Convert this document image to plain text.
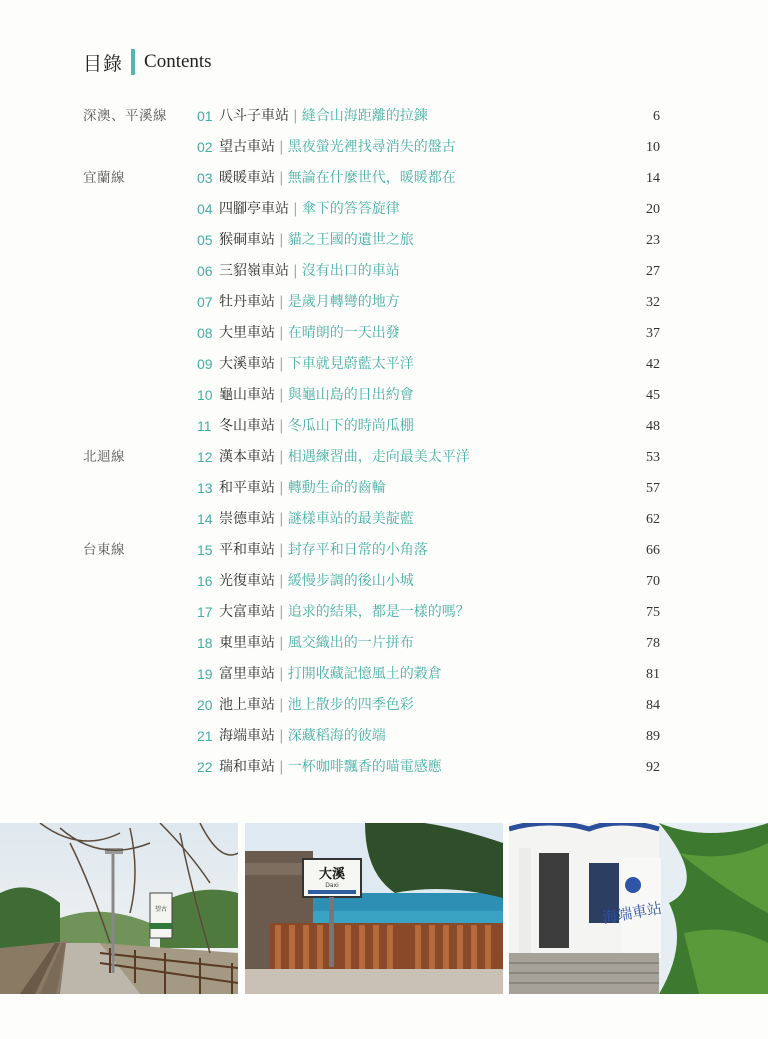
目錄 Contents
深澳、平溪線 01 八斗子車站 | 縫合山海距離的拉鍊	6
02 望古車站 | 黑夜螢光裡找尋消失的盤古	10
宜蘭線	03 暖暖車站 | 無論在什麼世代，暖暖都在	14
04 四腳亭車站 | 傘下的答答旋律	20
05 猴硐車站 | 貓之王國的遺世之旅	23
06 三貂嶺車站 | 沒有出口的車站	27
07 牡丹車站 | 是歲月轉彎的地方	32
08 大里車站 | 在晴朗的一天出發	37
09 大溪車站 | 下車就見蔚藍太平洋	42
10 龜山車站 | 與龜山島的日出約會	45
11 冬山車站 | 冬瓜山下的時尚瓜棚	48
北迴線	12 漢本車站 | 相遇練習曲，走向最美太平洋	53
13 和平車站 | 轉動生命的齒輪	57
14 崇德車站 | 謎樣車站的最美靛藍	62
台東線	15 平和車站 | 封存平和日常的小角落	66
16 光復車站 | 緩慢步調的後山小城	70
17 大富車站 | 追求的結果，都是一樣的嗎？	75
18 東里車站 | 風交織出的一片拼布	78
19 富里車站 | 打開收藏記憶風土的穀倉	81
20 池上車站 | 池上散步的四季色彩	84
21 海端車站 | 深藏稻海的彼端	89
22 瑞和車站 | 一杯咖啡飄香的喵電感應	92
望古
大溪
Daxi
海端車站
